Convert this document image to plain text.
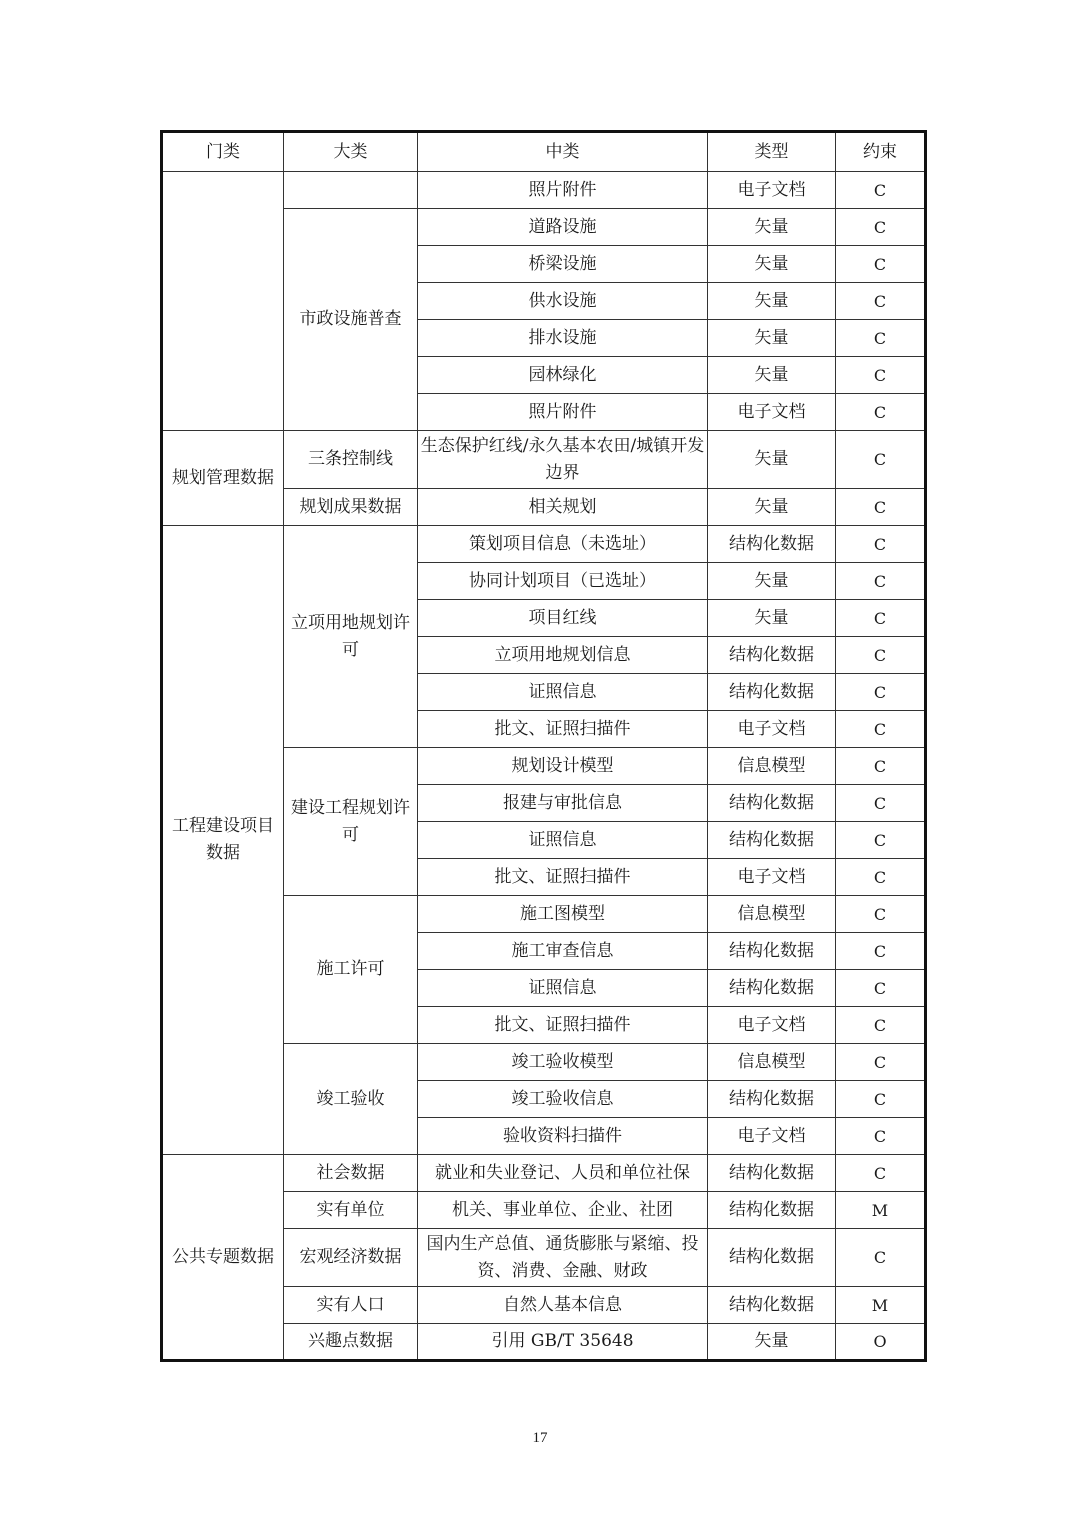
门类	大类	中类	类型	约束
		照片附件	电子文档	C
	市政设施普查	道路设施	矢量	C
		桥梁设施	矢量	C
		供水设施	矢量	C
		排水设施	矢量	C
		园林绿化	矢量	C
		照片附件	电子文档	C
规划管理数据	三条控制线	生态保护红线/永久基本农田/城镇开发边界	矢量	C
	规划成果数据	相关规划	矢量	C
工程建设项目数据	立项用地规划许可	策划项目信息（未选址）	结构化数据	C
		协同计划项目（已选址）	矢量	C
		项目红线	矢量	C
		立项用地规划信息	结构化数据	C
		证照信息	结构化数据	C
		批文、证照扫描件	电子文档	C
	建设工程规划许可	规划设计模型	信息模型	C
		报建与审批信息	结构化数据	C
		证照信息	结构化数据	C
		批文、证照扫描件	电子文档	C
	施工许可	施工图模型	信息模型	C
		施工审查信息	结构化数据	C
		证照信息	结构化数据	C
		批文、证照扫描件	电子文档	C
	竣工验收	竣工验收模型	信息模型	C
		竣工验收信息	结构化数据	C
		验收资料扫描件	电子文档	C
公共专题数据	社会数据	就业和失业登记、人员和单位社保	结构化数据	C
	实有单位	机关、事业单位、企业、社团	结构化数据	M
	宏观经济数据	国内生产总值、通货膨胀与紧缩、投资、消费、金融、财政	结构化数据	C
	实有人口	自然人基本信息	结构化数据	M
	兴趣点数据	引用 GB/T 35648	矢量	O
17
